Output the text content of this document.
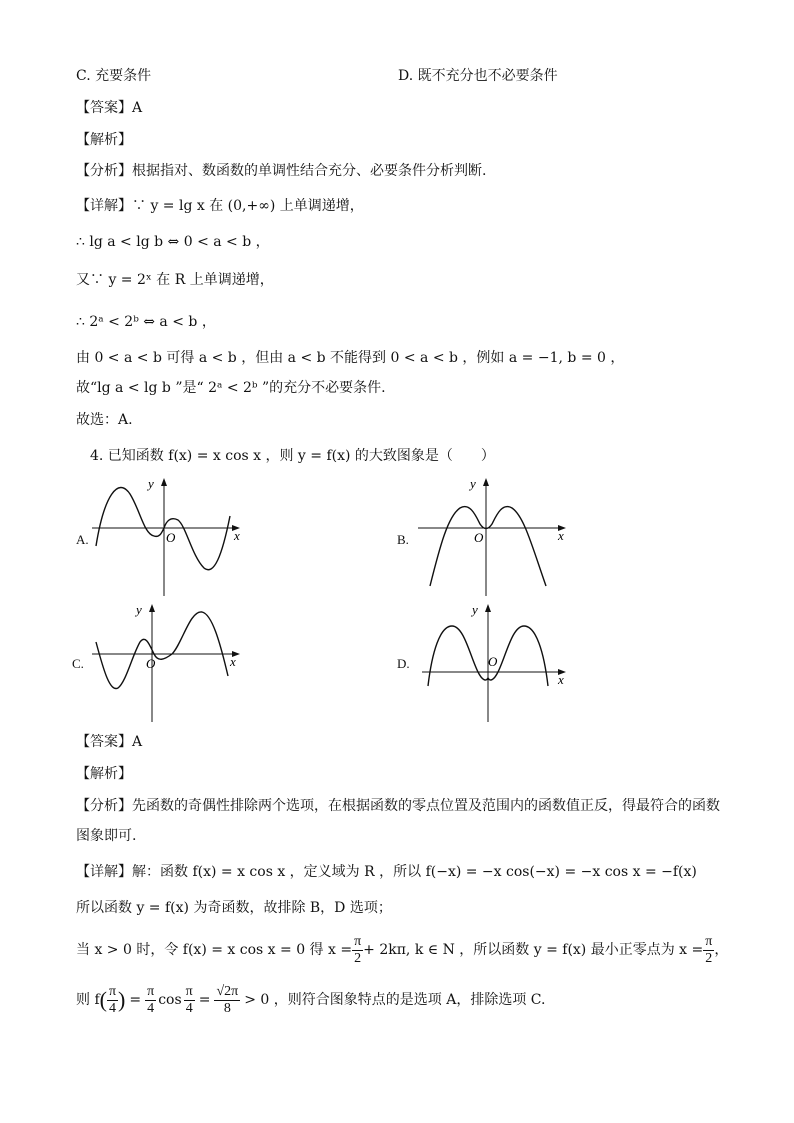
C. 充要条件	D. 既不充分也不必要条件
【答案】A
【解析】
【分析】根据指对、数函数的单调性结合充分、必要条件分析判断.
【详解】∵ y = lg x 在 (0,+∞) 上单调递增，
∴ lg a < lg b ⇔ 0 < a < b ，
又∵ y = 2ˣ 在 R 上单调递增，
∴ 2ᵃ < 2ᵇ ⇔ a < b ，
由 0 < a < b 可得 a < b ，但由 a < b 不能得到 0 < a < b ，例如 a = −1, b = 0 ，
故“lg a < lg b ”是“ 2ᵃ < 2ᵇ ”的充分不必要条件.
故选：A.
4. 已知函数 f(x) = x cos x ，则 y = f(x) 的大致图象是（　　）
A.	B.
C.	D.
y
x
O
y
x
O
y
x
O
y
x
O
【答案】A
【解析】
【分析】先函数的奇偶性排除两个选项，在根据函数的零点位置及范围内的函数值正反，得最符合的函数
图象即可.
【详解】解：函数 f(x) = x cos x ，定义域为 R ，所以 f(−x) = −x cos(−x) = −x cos x = −f(x)
所以函数 y = f(x) 为奇函数，故排除 B，D 选项；
当 x > 0 时，令 f(x) = x cos x = 0 得 $x = \frac{\pi}{2} + 2k\pi$, k ∈ N ，所以函数 y = f(x) 最小正零点为 $x = \frac{\pi}{2}$ ，
则 f ( $\frac{\pi}{4}$ ) = $\frac{\pi}{4}$ $\cos \frac{\pi}{4} = \frac{√2\pi}{8} > 0$ ，则符合图象特点的是选项 A，排除选项 C.
